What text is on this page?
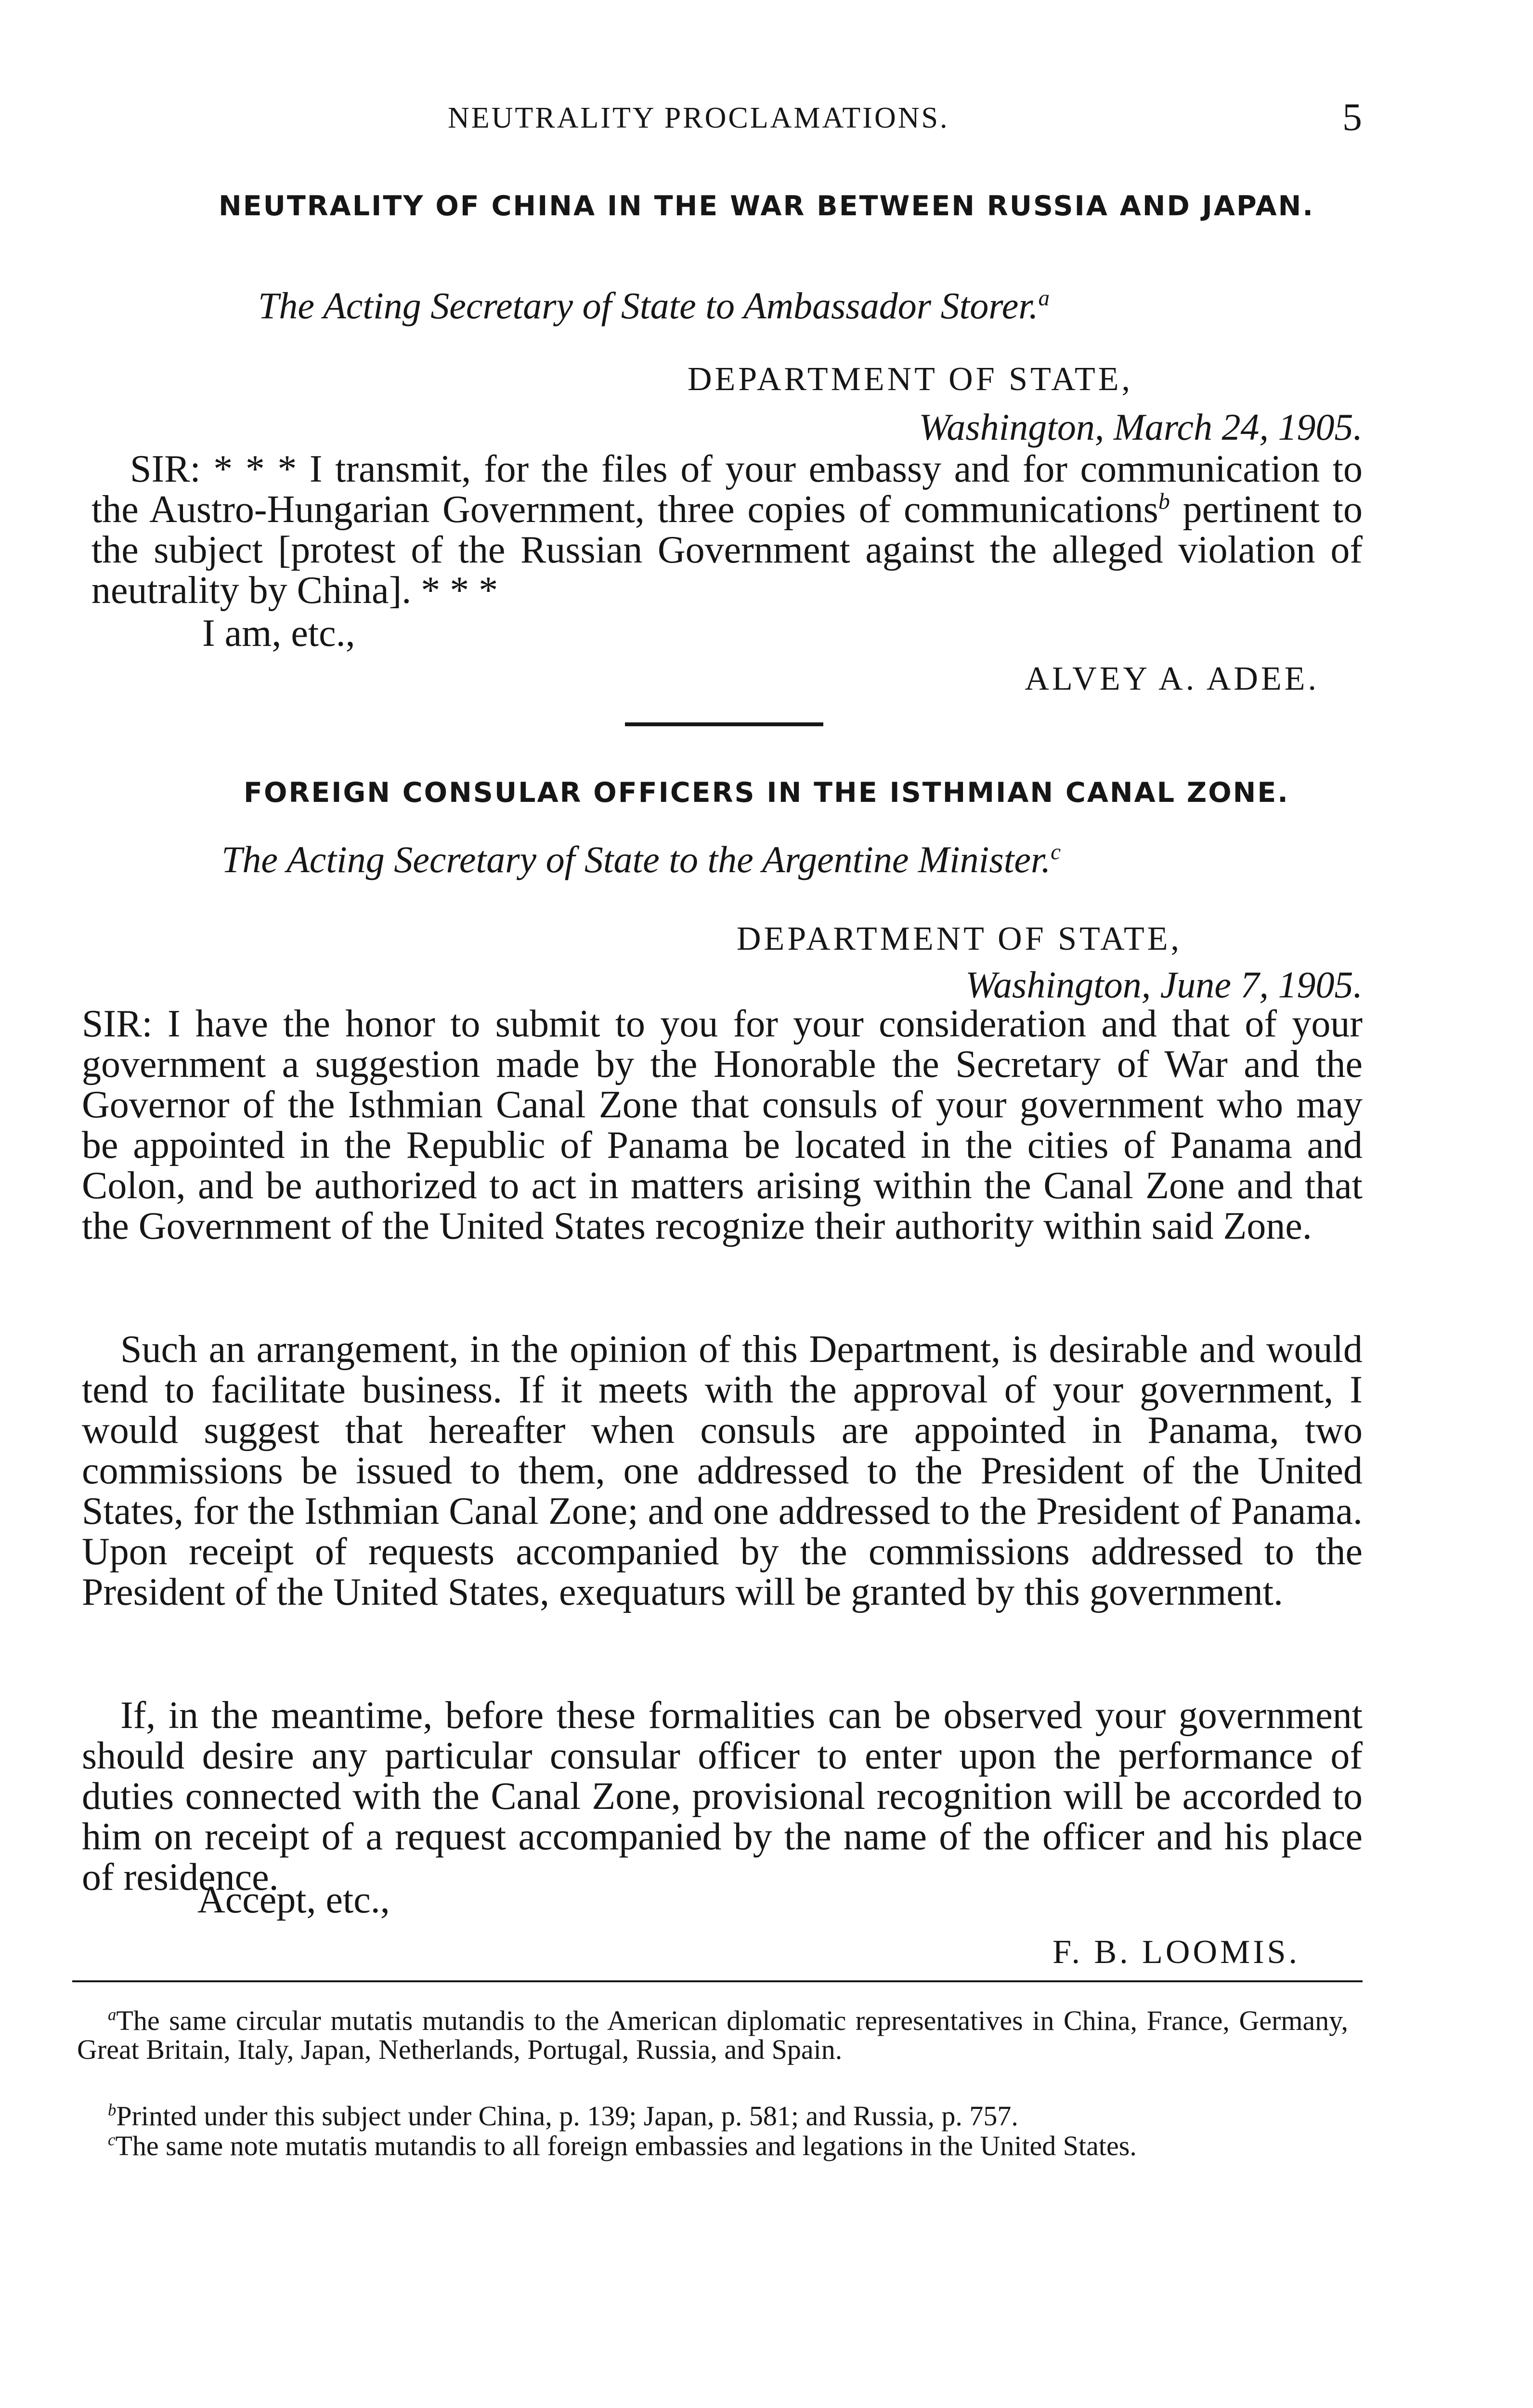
NEUTRALITY PROCLAMATIONS.	5
NEUTRALITY OF CHINA IN THE WAR BETWEEN RUSSIA AND JAPAN.
The Acting Secretary of State to Ambassador Storer.$^a$
DEPARTMENT OF STATE,
Washington, March 24, 1905.
SIR: * * * I transmit, for the files of your embassy and for communication to the Austro-Hungarian Government, three copies of communications$^b$ pertinent to the subject [protest of the Russian Government against the alleged violation of neutrality by China]. * * *
I am, etc.,
ALVEY A. ADEE.
FOREIGN CONSULAR OFFICERS IN THE ISTHMIAN CANAL ZONE.
The Acting Secretary of State to the Argentine Minister.$^c$
DEPARTMENT OF STATE,
Washington, June 7, 1905.
SIR: I have the honor to submit to you for your consideration and that of your government a suggestion made by the Honorable the Secretary of War and the Governor of the Isthmian Canal Zone that consuls of your government who may be appointed in the Republic of Panama be located in the cities of Panama and Colon, and be authorized to act in matters arising within the Canal Zone and that the Government of the United States recognize their authority within said Zone.
Such an arrangement, in the opinion of this Department, is desirable and would tend to facilitate business. If it meets with the approval of your government, I would suggest that hereafter when consuls are appointed in Panama, two commissions be issued to them, one addressed to the President of the United States, for the Isthmian Canal Zone; and one addressed to the President of Panama. Upon receipt of requests accompanied by the commissions addressed to the President of the United States, exequaturs will be granted by this government.
If, in the meantime, before these formalities can be observed your government should desire any particular consular officer to enter upon the performance of duties connected with the Canal Zone, provisional recognition will be accorded to him on receipt of a request accompanied by the name of the officer and his place of residence.
Accept, etc.,
F. B. LOOMIS.
$^a$The same circular mutatis mutandis to the American diplomatic representatives in China, France, Germany, Great Britain, Italy, Japan, Netherlands, Portugal, Russia, and Spain.
$^b$Printed under this subject under China, p. 139; Japan, p. 581; and Russia, p. 757.
$^c$The same note mutatis mutandis to all foreign embassies and legations in the United States.
